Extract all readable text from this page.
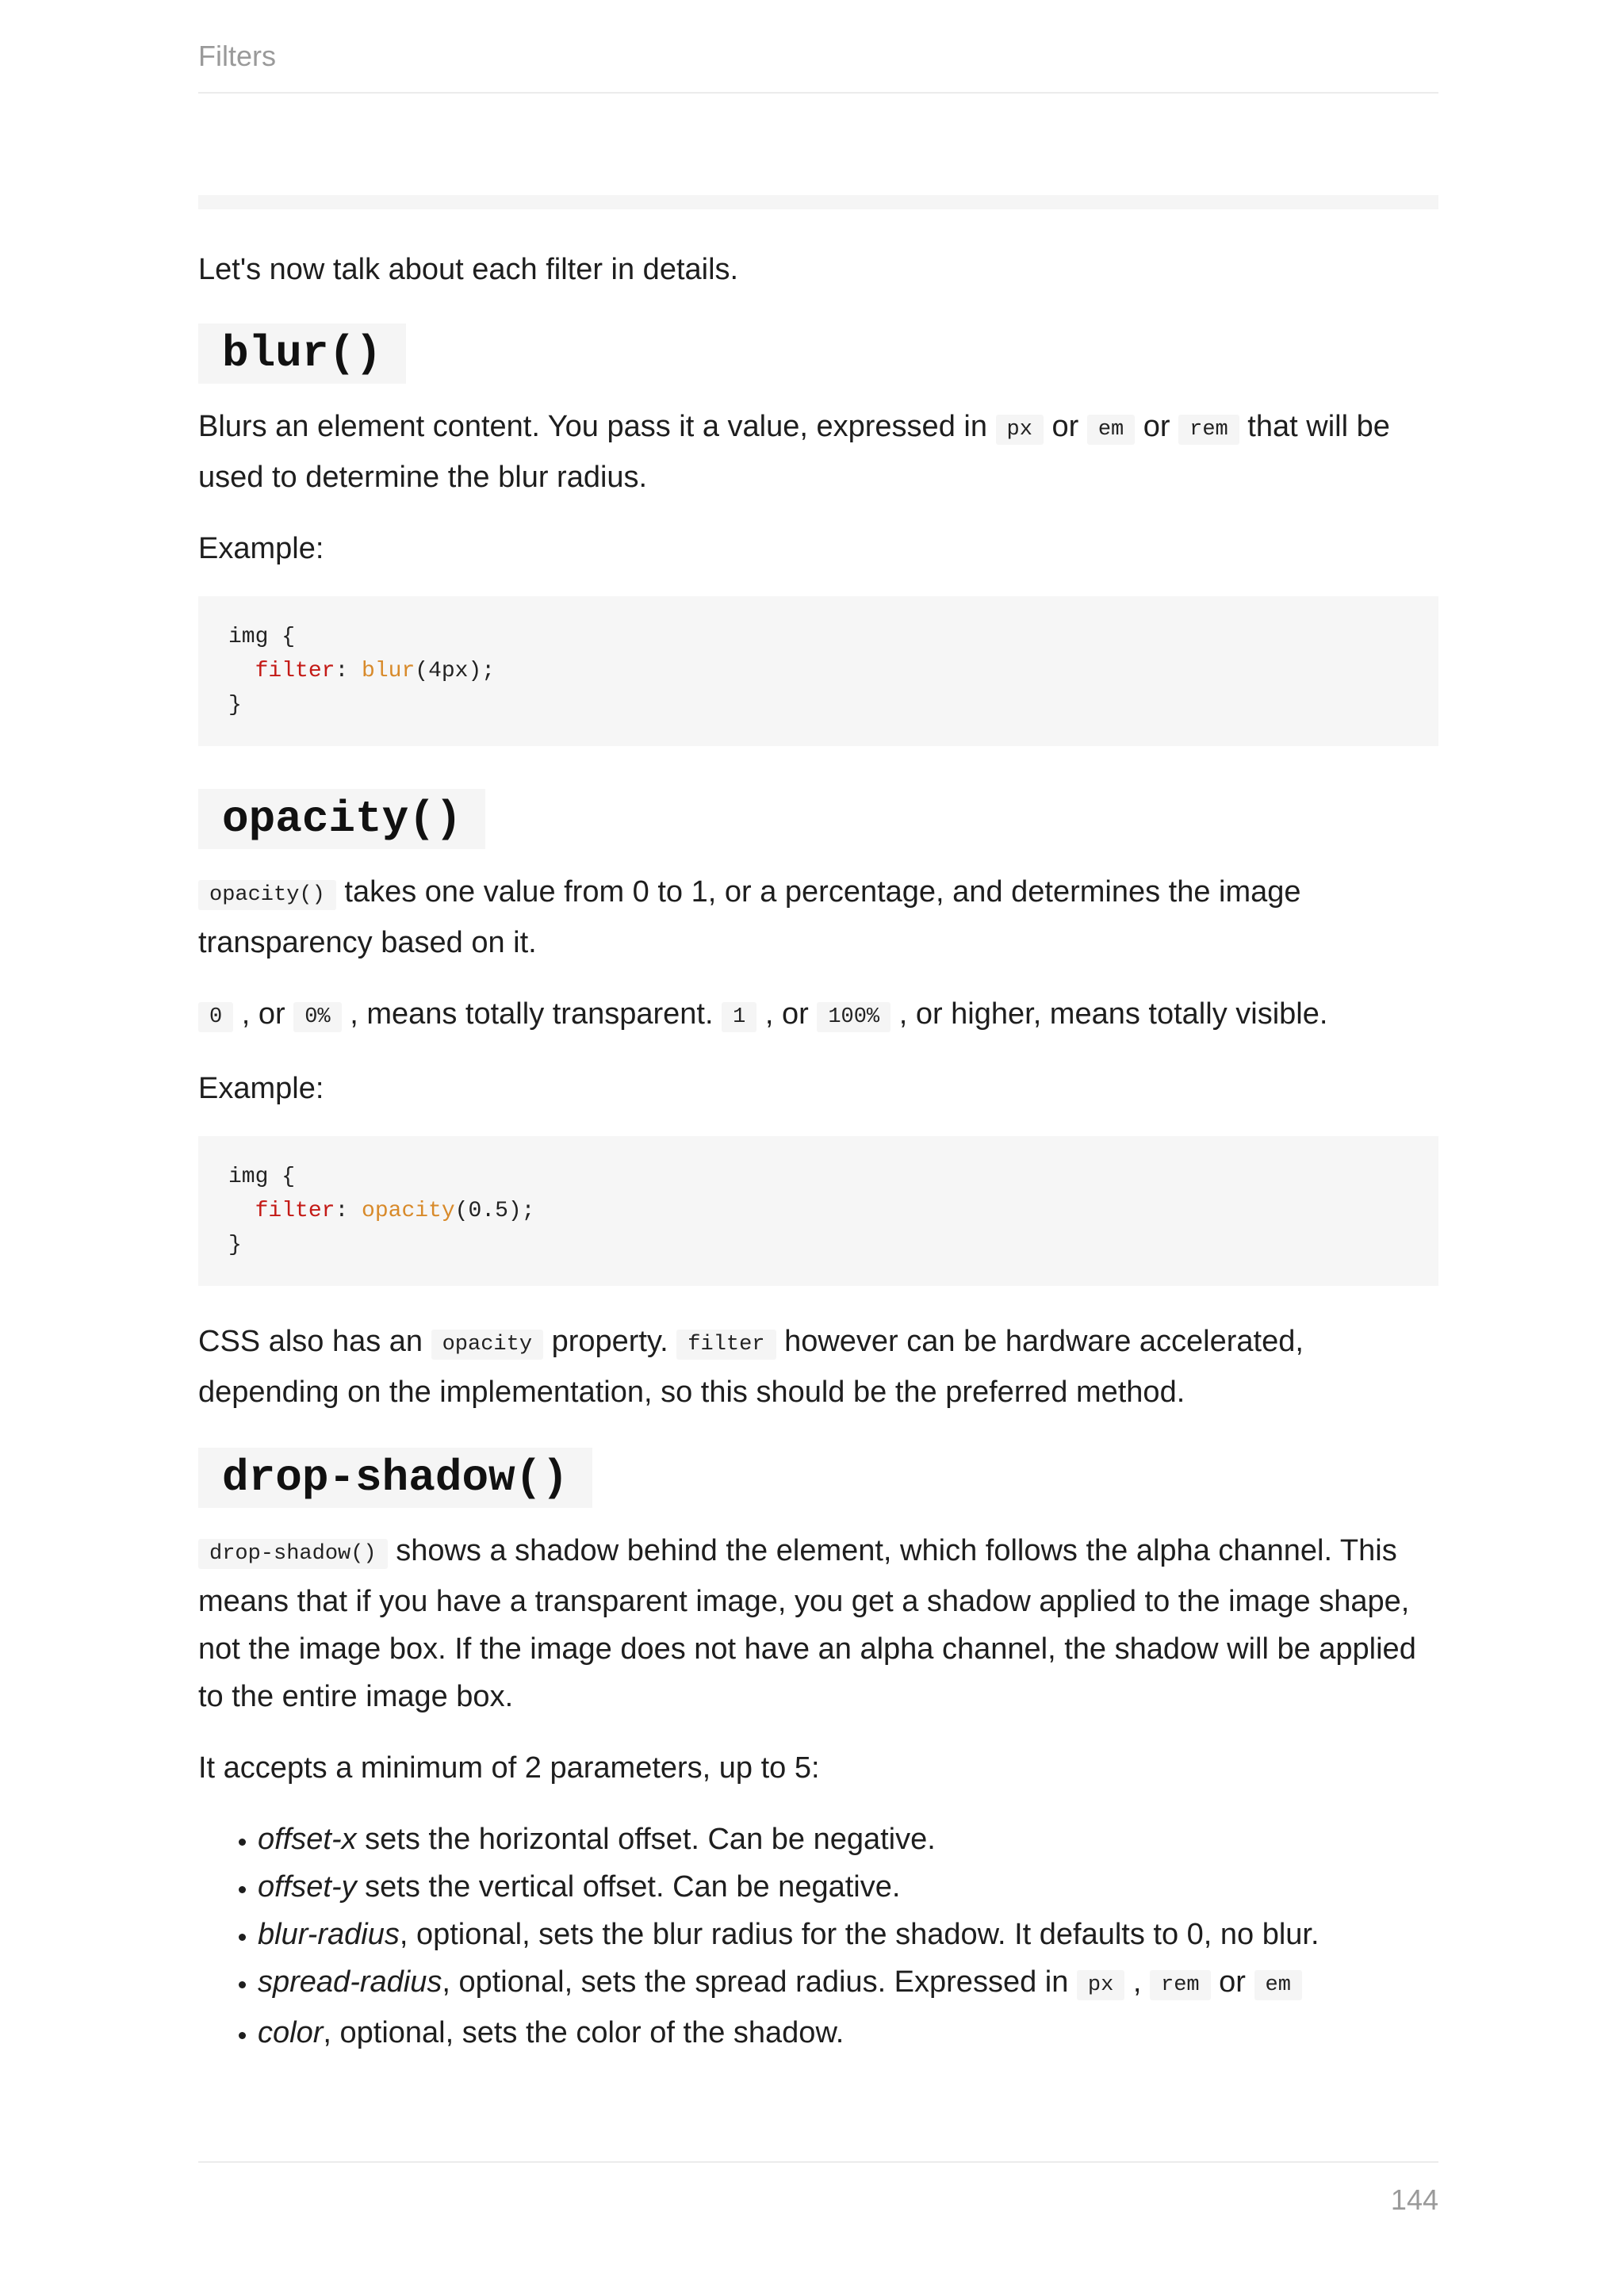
Filters

Let's now talk about each filter in details.

blur()

Blurs an element content. You pass it a value, expressed in px or em or rem that will be used to determine the blur radius.

Example:

img {
filter: blur(4px);
}
opacity()

opacity() takes one value from 0 to 1, or a percentage, and determines the image transparency based on it.

0 , or 0% , means totally transparent. 1 , or 100% , or higher, means totally visible.

Example:

img {
filter: opacity(0.5);
}

CSS also has an opacity property. filter however can be hardware accelerated, depending on the implementation, so this should be the preferred method.

drop-shadow()

drop-shadow() shows a shadow behind the element, which follows the alpha channel. This means that if you have a transparent image, you get a shadow applied to the image shape, not the image box. If the image does not have an alpha channel, the shadow will be applied to the entire image box.

It accepts a minimum of 2 parameters, up to 5:

• offset-x sets the horizontal offset. Can be negative.
• offset-y sets the vertical offset. Can be negative.
• blur-radius, optional, sets the blur radius for the shadow. It defaults to 0, no blur.
• spread-radius, optional, sets the spread radius. Expressed in px , rem or em
• color, optional, sets the color of the shadow.
144
